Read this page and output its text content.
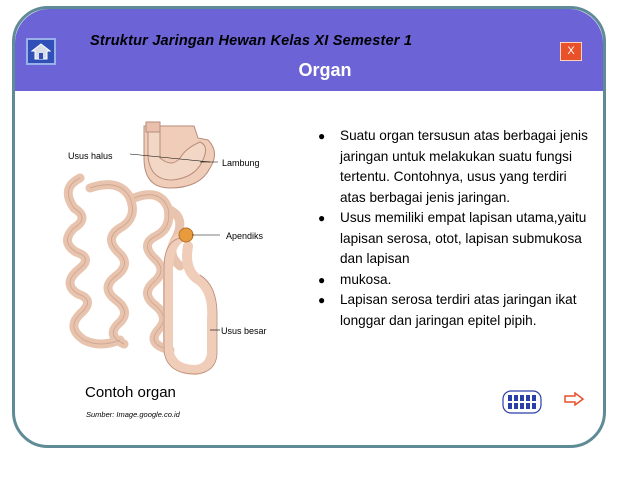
Struktur Jaringan Hewan Kelas XI Semester 1
Organ
X
Usus halus
Lambung
Apendiks
Usus besar
Contoh organ
Sumber: Image.google.co.id
● Suatu organ tersusun atas berbagai jenis jaringan untuk melakukan suatu fungsi tertentu. Contohnya, usus yang terdiri atas berbagai jenis jaringan.
● Usus memiliki empat lapisan utama,yaitu lapisan serosa, otot, lapisan submukosa dan lapisan
● mukosa.
● Lapisan serosa terdiri atas jaringan ikat longgar dan jaringan epitel pipih.
